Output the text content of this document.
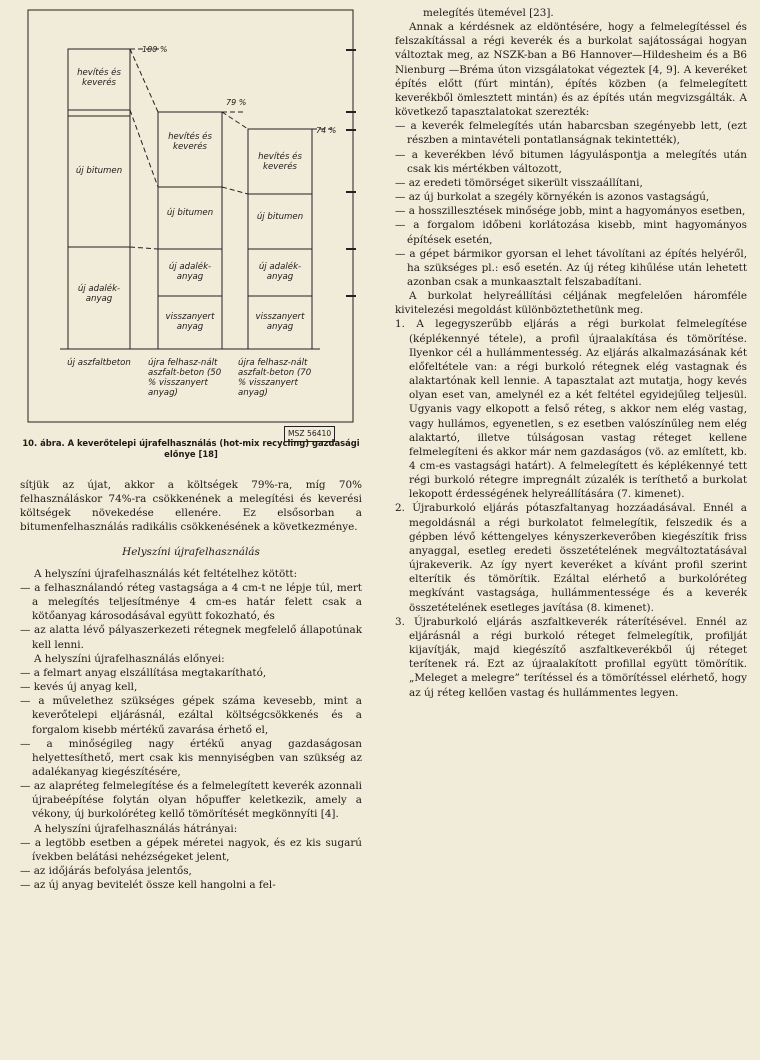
100 %
79 %
74 %
hevítés és keverés
új bitumen
új adalék-anyag
hevítés és keverés
új bitumen
új adalék-anyag
visszanyert anyag
hevítés és keverés
új bitumen
új adalék-anyag
visszanyert anyag
új aszfaltbeton	újra felhasz-nált aszfalt-beton (50 % visszanyert anyag)
újra felhasz-nált aszfalt-beton (70 % visszanyert anyag)
MSZ 56410
10. ábra. A keverőtelepi újrafelhasználás (hot-mix recycling) gazdasági előnye [18]

sítjük az újat, akkor a költségek 79%-ra, míg 70% felhasználáskor 74%-ra csökkenének a melegítési és keverési költségek növekedése ellenére. Ez elsősorban a bitumenfelhasználás radikális csökkenésének a következménye.

Helyszíni újrafelhasználás

A helyszíni újrafelhasználás két feltételhez kötött:

— a felhasználandó réteg vastagsága a 4 cm-t ne lépje túl, mert a melegítés teljesítménye 4 cm-es határ felett csak a kötőanyag károsodásával együtt fokozható, és

— az alatta lévő pályaszerkezeti rétegnek megfelelő állapotúnak kell lenni.

A helyszíni újrafelhasználás előnyei:

— a felmart anyag elszállítása megtakarítható,

— kevés új anyag kell,

— a művelethez szükséges gépek száma kevesebb, mint a keverőtelepi eljárásnál, ezáltal költségcsökkenés és a forgalom kisebb mértékű zavarása érhető el,

— a minőségileg nagy értékű anyag gazdaságosan helyettesíthető, mert csak kis mennyiségben van szükség az adalékanyag kiegészítésére,

— az alapréteg felmelegítése és a felmelegített keverék azonnali újrabeépítése folytán olyan hőpuffer keletkezik, amely a vékony, új burkolóréteg kellő tömörítését megkönnyíti [4].

A helyszíni újrafelhasználás hátrányai:

— a legtöbb esetben a gépek méretei nagyok, és ez kis sugarú ívekben belátási nehézségeket jelent,

— az időjárás befolyása jelentős,

— az új anyag bevitelét össze kell hangolni a fel-

melegítés ütemével [23].

Annak a kérdésnek az eldöntésére, hogy a felmelegítéssel és felszakítással a régi keverék és a burkolat sajátosságai hogyan változtak meg, az NSZK-ban a B6 Hannover—Hildesheim és a B6 Nienburg —Bréma úton vizsgálatokat végeztek [4, 9]. A keveréket építés előtt (fúrt mintán), építés közben (a felmelegített keverékből ömlesztett mintán) és az építés után megvizsgálták. A következő tapasztalatokat szerezték:

— a keverék felmelegítés után habarcsban szegényebb lett, (ezt részben a mintavételi pontatlanságnak tekintették),

— a keverékben lévő bitumen lágyuláspontja a melegítés után csak kis mértékben változott,

— az eredeti tömörséget sikerült visszaállítani,

— az új burkolat a szegély környékén is azonos vastagságú,

— a hosszillesztések minősége jobb, mint a hagyományos esetben,

— a forgalom időbeni korlátozása kisebb, mint hagyományos építések esetén,

— a gépet bármikor gyorsan el lehet távolítani az építés helyéről, ha szükséges pl.: eső esetén. Az új réteg kihűlése után lehetett azonban csak a munkaasztalt felszabadítani.

A burkolat helyreállítási céljának megfelelően háromféle kivitelezési megoldást különböztethetünk meg.

1. A legegyszerűbb eljárás a régi burkolat felmelegítése (képlékennyé tétele), a profil újraalakítása és tömörítése. Ilyenkor cél a hullámmentesség. Az eljárás alkalmazásának két előfeltétele van: a régi burkoló rétegnek elég vastagnak és alaktartónak kell lennie. A tapasztalat azt mutatja, hogy kevés olyan eset van, amelynél ez a két feltétel egyidejűleg teljesül. Ugyanis vagy elkopott a felső réteg, s akkor nem elég vastag, vagy hullámos, egyenetlen, s ez esetben valószínűleg nem elég alaktartó, illetve túlságosan vastag réteget kellene felmelegíteni és akkor már nem gazdaságos (vö. az említett, kb. 4 cm-es vastagsági határt). A felmelegített és képlékennyé tett régi burkoló rétegre impregnált zúzalék is teríthető a burkolat lekopott érdességének helyreállítására (7. kimenet).

2. Újraburkoló eljárás pótaszfaltanyag hozzáadásával. Ennél a megoldásnál a régi burkolatot felmelegítik, felszedik és a gépben lévő kéttengelyes kényszerkeverőben kiegészítik friss anyaggal, esetleg eredeti összetételének megváltoztatásával újrakeverik. Az így nyert keveréket a kívánt profil szerint elterítik és tömörítik. Ezáltal elérhető a burkolóréteg megkívánt vastagsága, hullámmentessége és a keverék összetételének esetleges javítása (8. kimenet).

3. Újraburkoló eljárás aszfaltkeverék ráterítésével. Ennél az eljárásnál a régi burkoló réteget felmelegítik, profilját kijavítják, majd kiegészítő aszfaltkeverékből új réteget terítenek rá. Ezt az újraalakított profillal együtt tömörítik. „Meleget a melegre” terítéssel és a tömörítéssel elérhető, hogy az új réteg kellően vastag és hullámmentes legyen.
